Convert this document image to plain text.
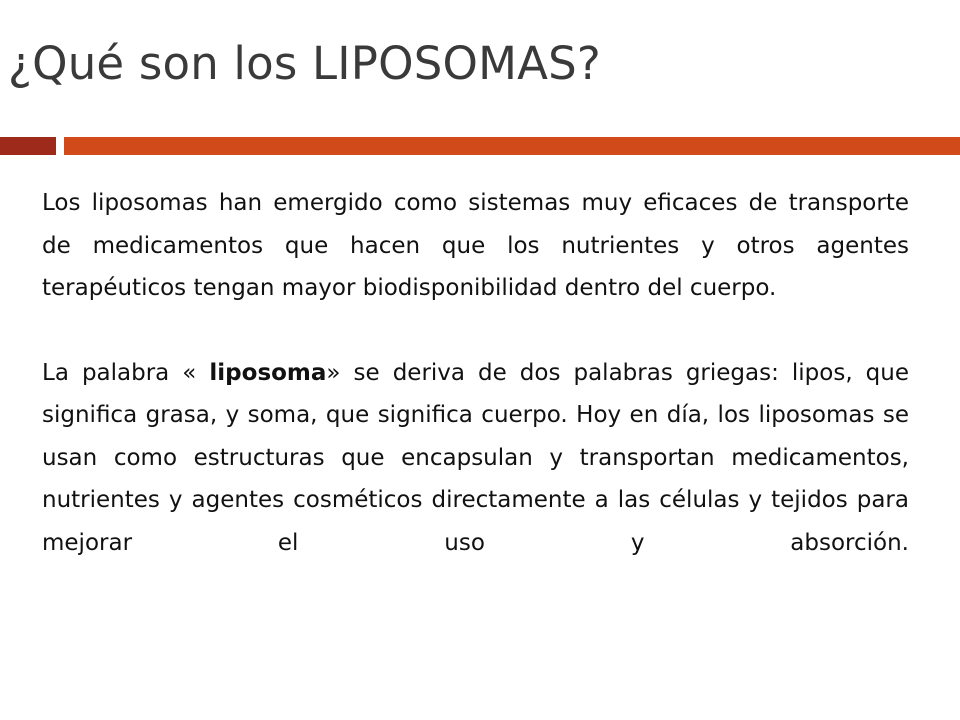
¿Qué son los LIPOSOMAS?

Los liposomas han emergido como sistemas muy eficaces de transporte de medicamentos que hacen que los nutrientes y otros agentes terapéuticos tengan mayor biodisponibilidad dentro del cuerpo.

La palabra « liposoma» se deriva de dos palabras griegas: lipos, que significa grasa, y soma, que significa cuerpo. Hoy en día, los liposomas se usan como estructuras que encapsulan y transportan medicamentos, nutrientes y agentes cosméticos directamente a las células y tejidos para mejorar el uso y absorción.
